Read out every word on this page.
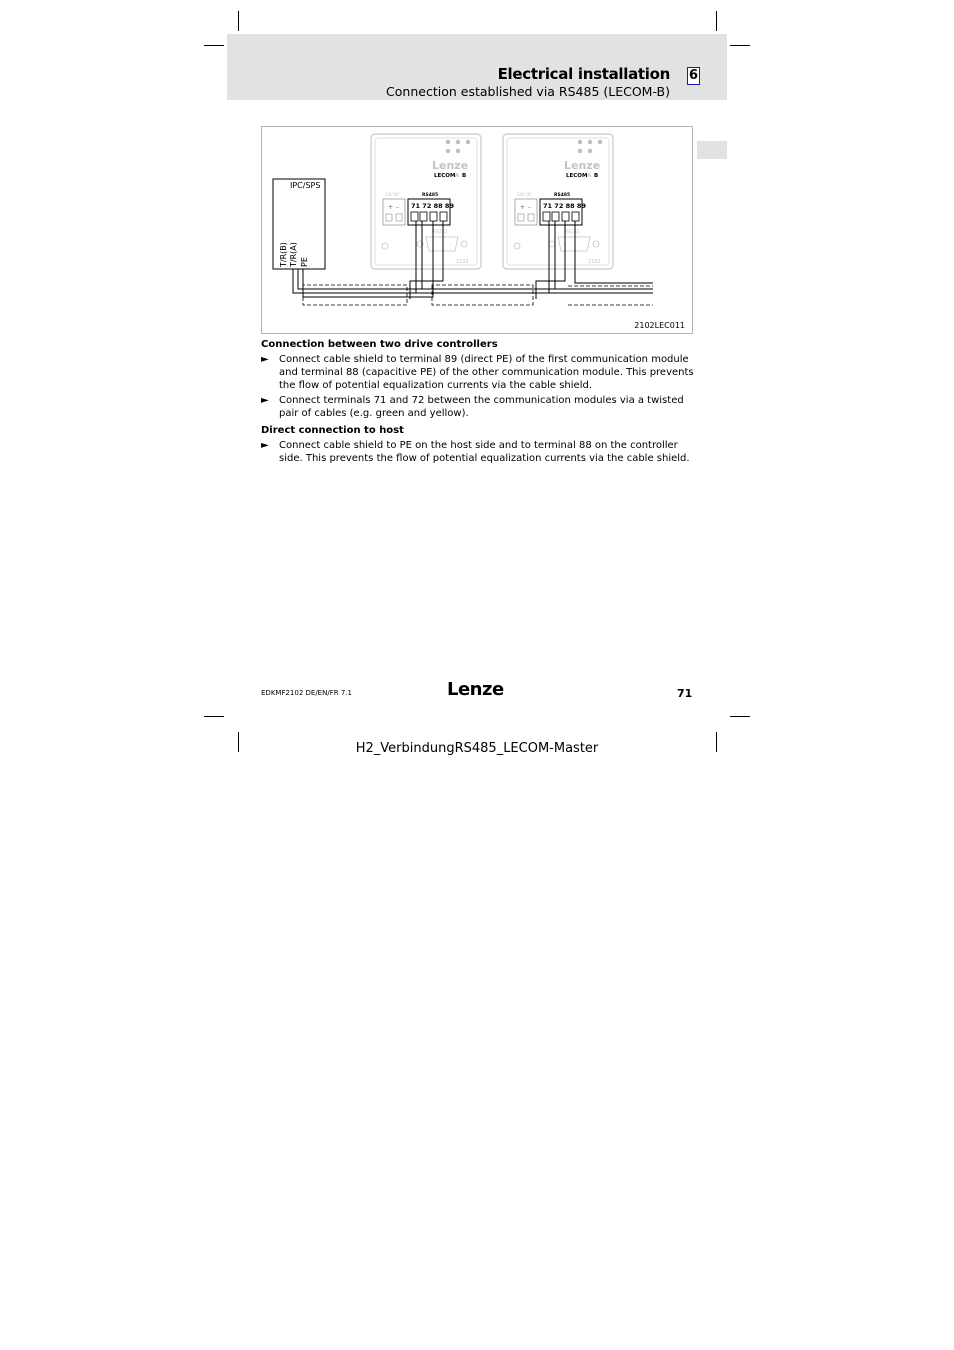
Electrical installation
Connection established via RS485 (LECOM-B)
6
Lenze
LECOM A B
24V DC
+ –
RS485
71 72 88 89
RS232
2102
Lenze
LECOM A B
24V DC
+ –
RS485
71 72 88 89
RS232
2102
IPC/SPS
T/R(B) T/R(A) PE
2102LEC011
Connection between two drive controllers
► Connect cable shield to terminal 89 (direct PE) of the first communication module and terminal 88 (capacitive PE) of the other communication module. This prevents the flow of potential equalization currents via the cable shield.
► Connect terminals 71 and 72 between the communication modules via a twisted pair of cables (e.g. green and yellow).
Direct connection to host
► Connect cable shield to PE on the host side and to terminal 88 on the controller side. This prevents the flow of potential equalization currents via the cable shield.
EDKMF2102 DE/EN/FR 7.1	Lenze	71
H2_VerbindungRS485_LECOM-Master
